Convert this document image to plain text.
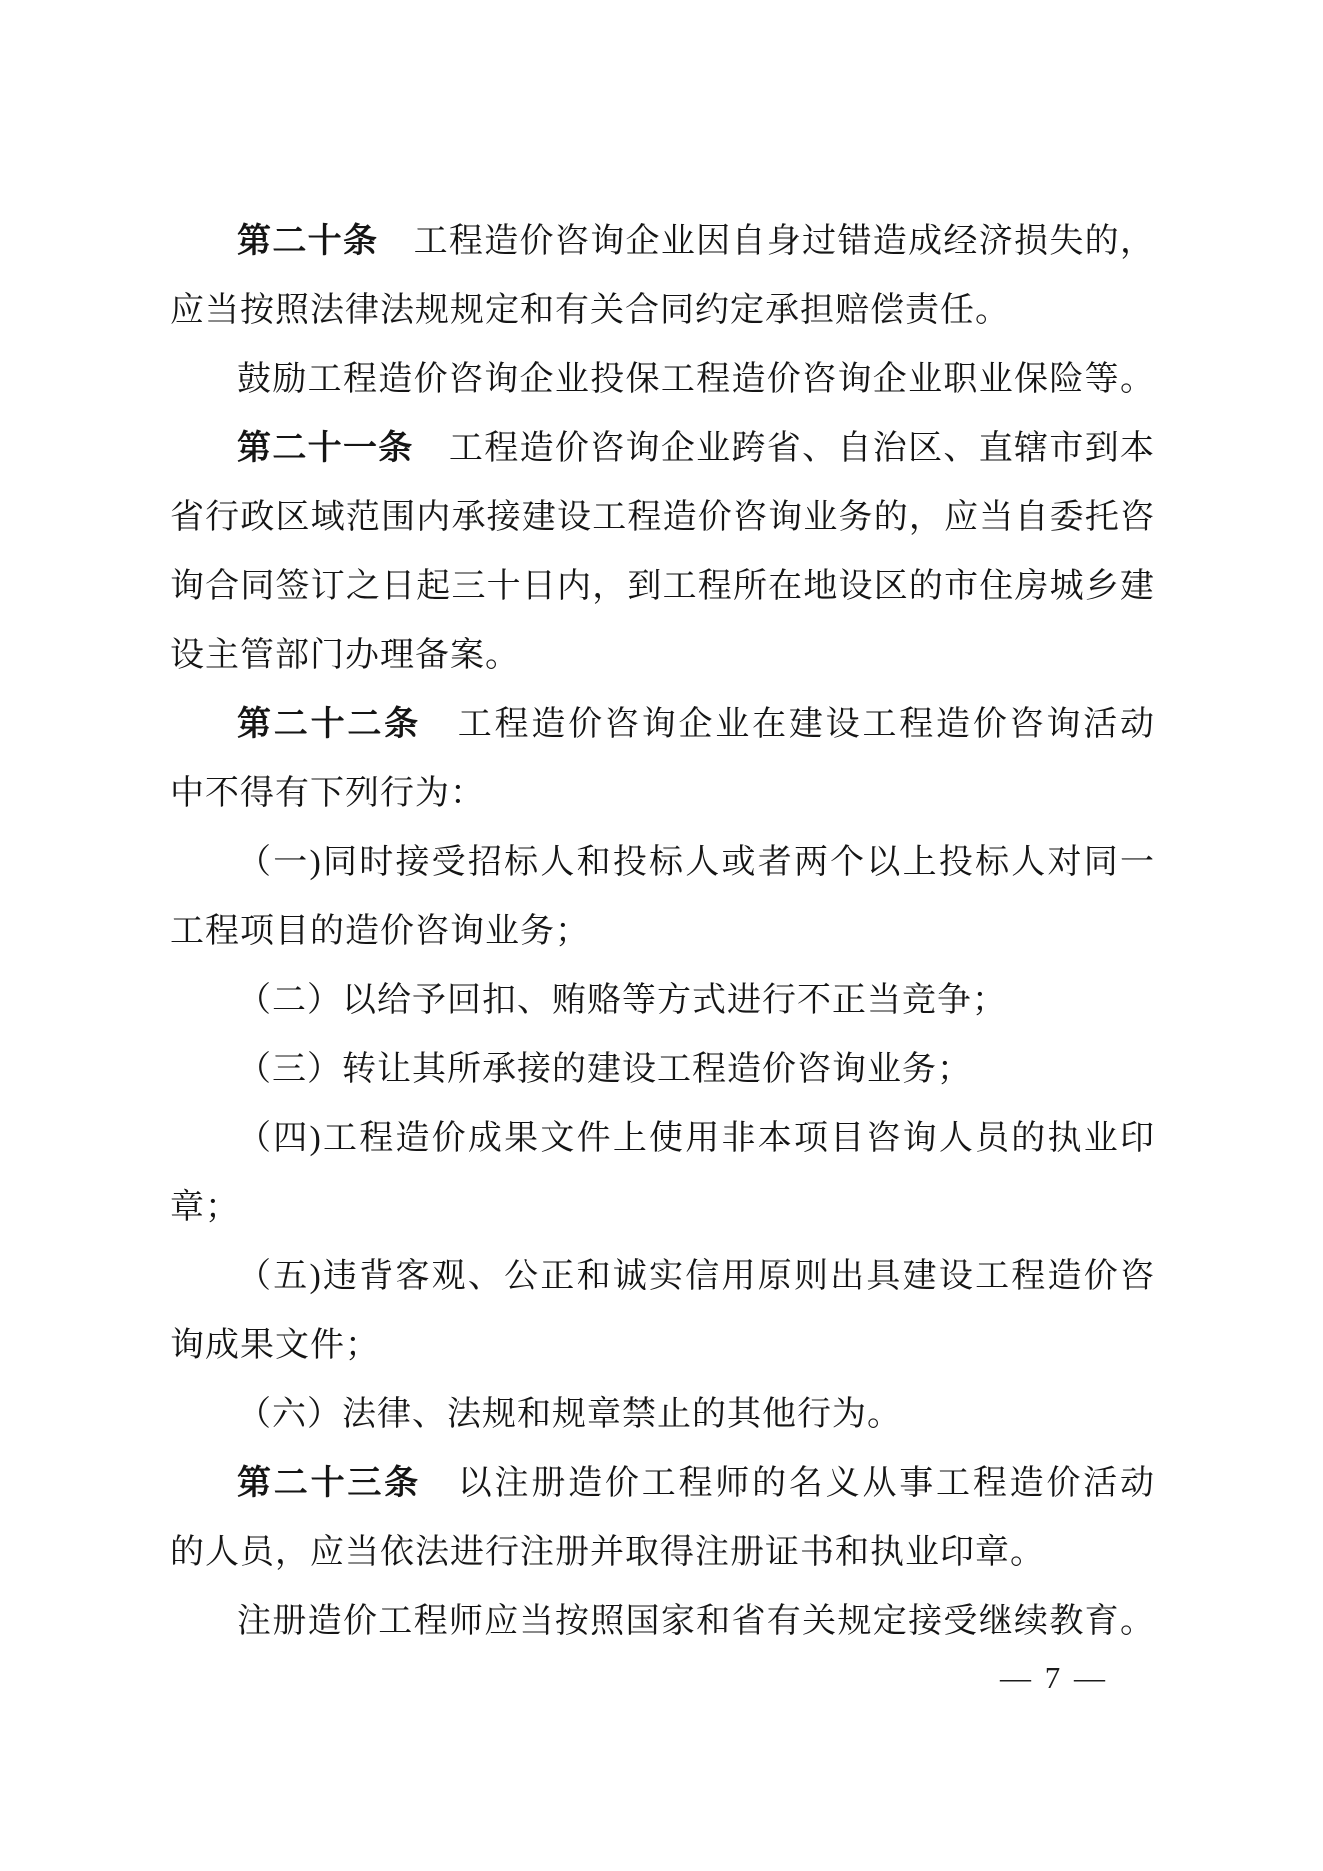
第二十条　工程造价咨询企业因自身过错造成经济损失的，
应当按照法律法规规定和有关合同约定承担赔偿责任。
鼓励工程造价咨询企业投保工程造价咨询企业职业保险等。
第二十一条　工程造价咨询企业跨省、自治区、直辖市到本
省行政区域范围内承接建设工程造价咨询业务的，应当自委托咨
询合同签订之日起三十日内，到工程所在地设区的市住房城乡建
设主管部门办理备案。
第二十二条　工程造价咨询企业在建设工程造价咨询活动
中不得有下列行为：
（一)同时接受招标人和投标人或者两个以上投标人对同一
工程项目的造价咨询业务；
（二）以给予回扣、贿赂等方式进行不正当竞争；
（三）转让其所承接的建设工程造价咨询业务；
（四)工程造价成果文件上使用非本项目咨询人员的执业印
章；
（五)违背客观、公正和诚实信用原则出具建设工程造价咨
询成果文件；
（六）法律、法规和规章禁止的其他行为。
第二十三条　以注册造价工程师的名义从事工程造价活动
的人员，应当依法进行注册并取得注册证书和执业印章。
注册造价工程师应当按照国家和省有关规定接受继续教育。
— 7 —
